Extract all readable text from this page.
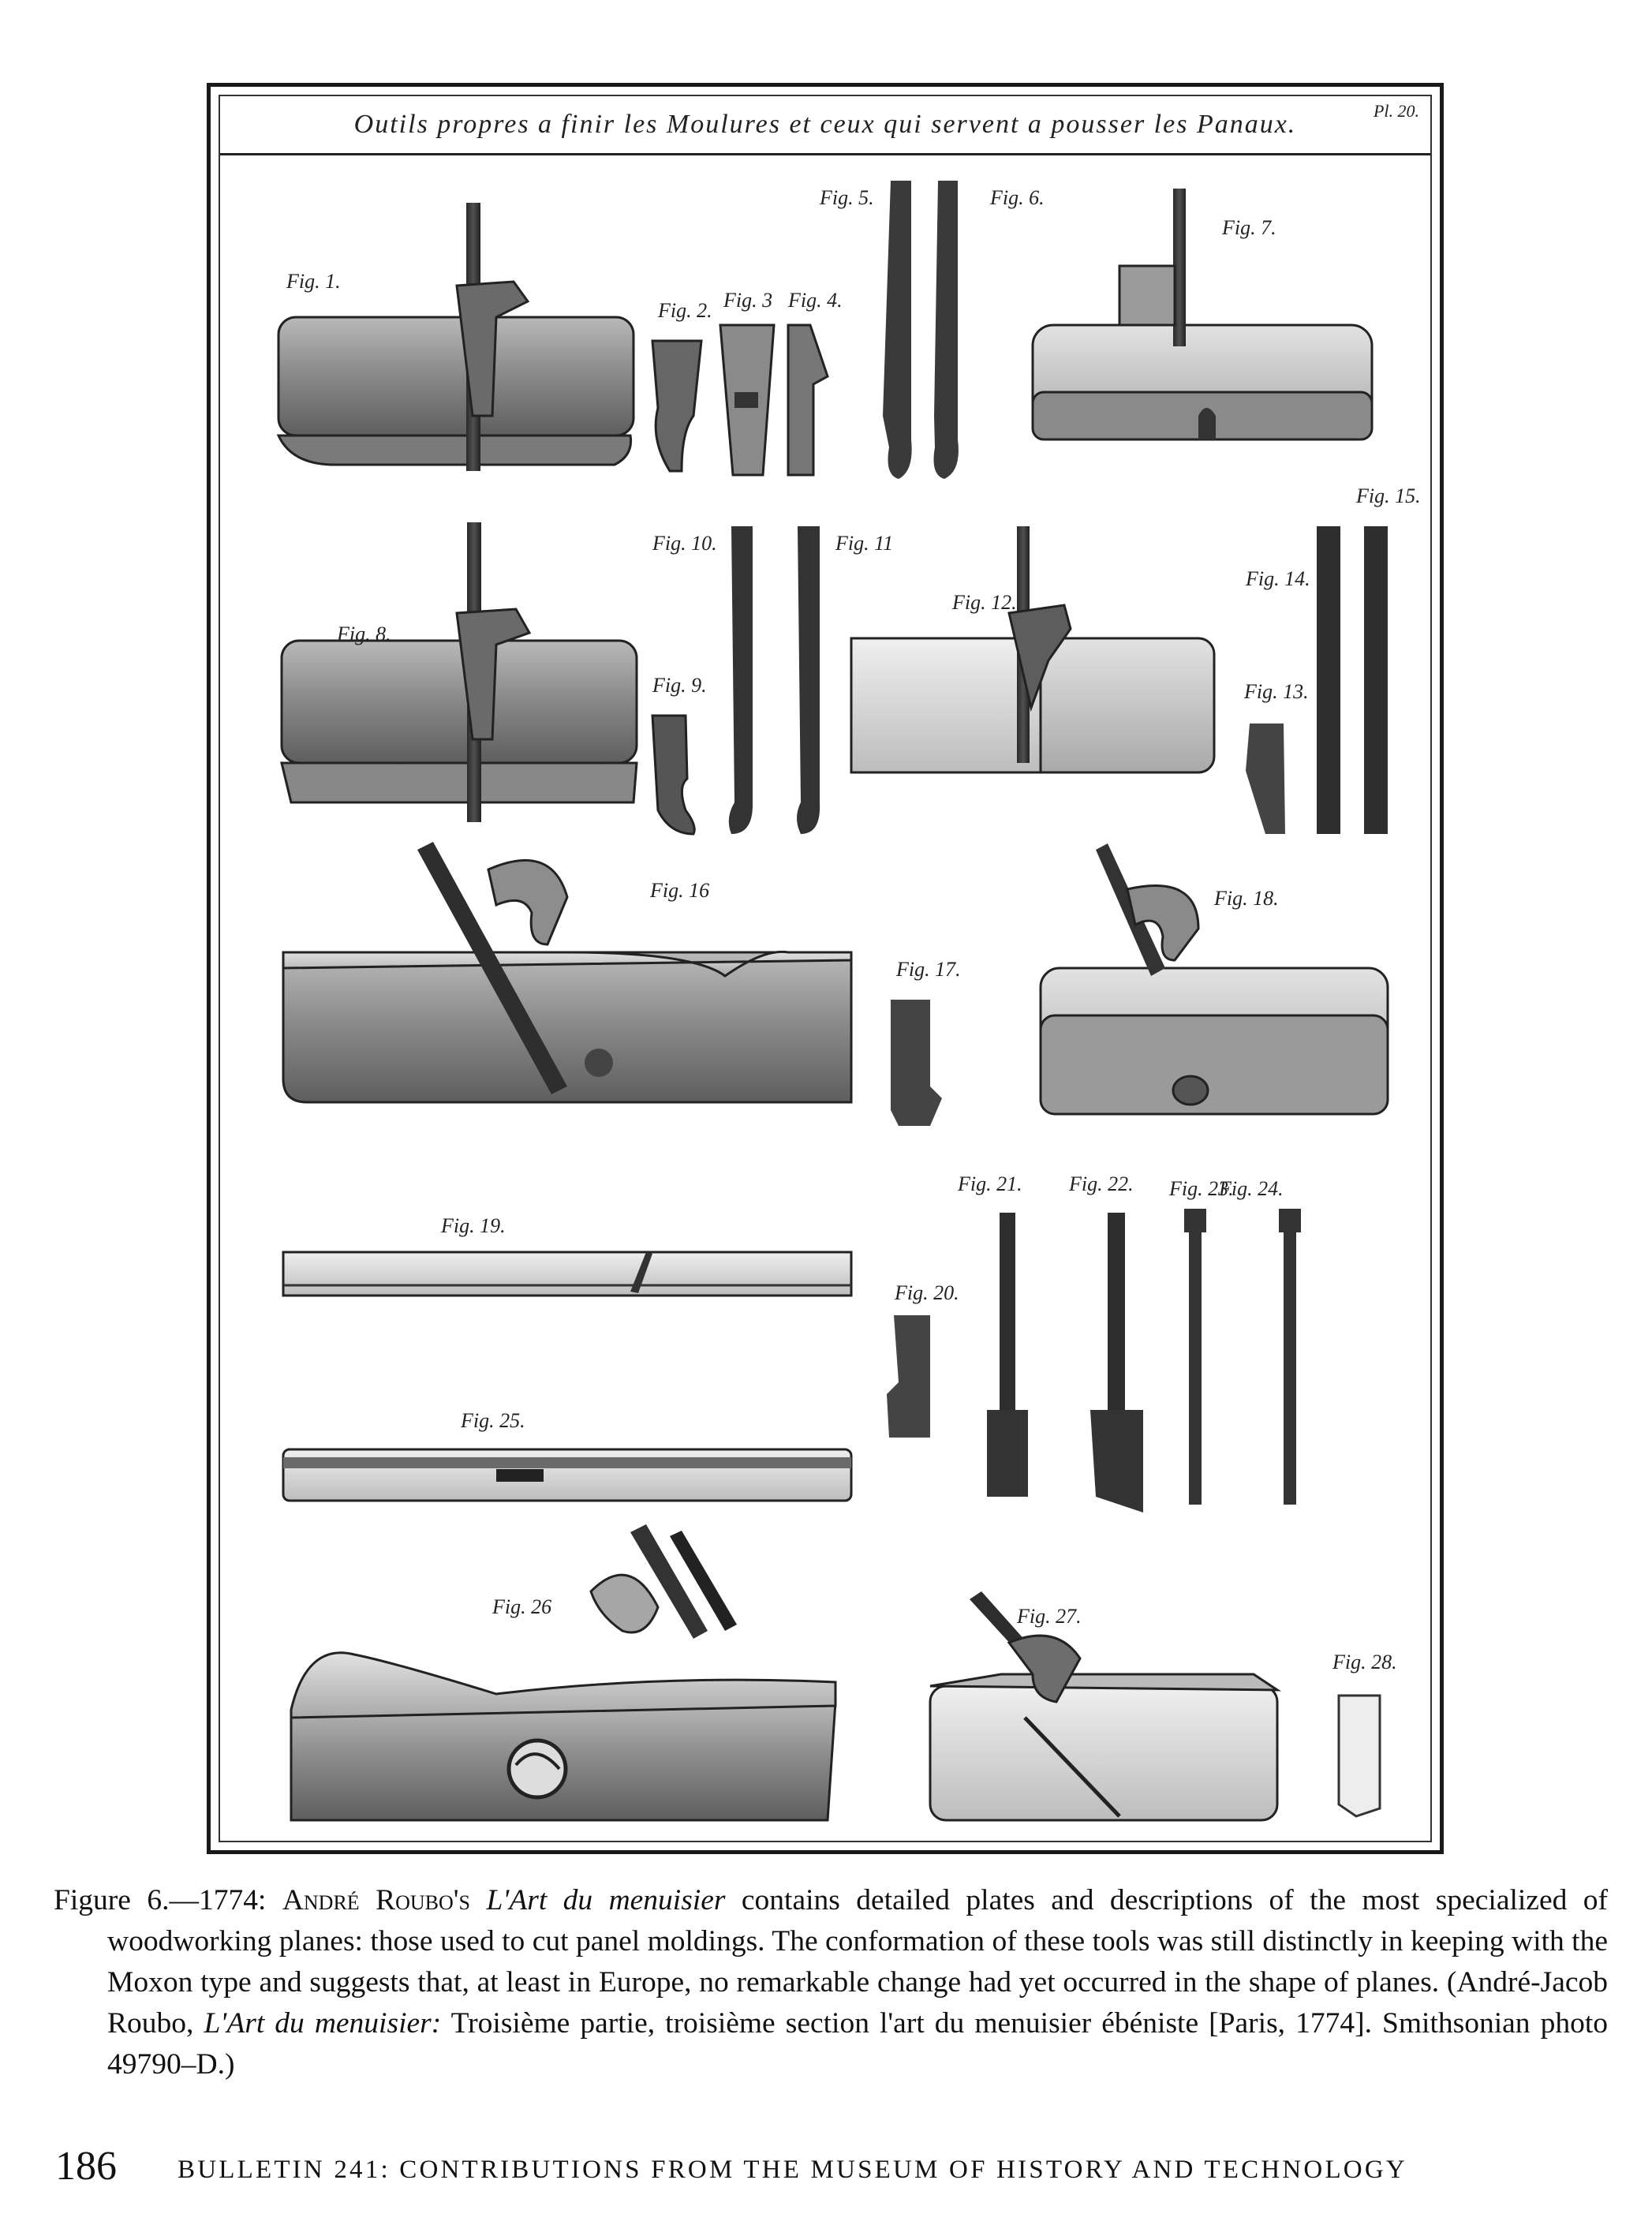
Outils propres a finir les Moulures et ceux qui servent a pousser les Panaux.	Pl. 20.
Fig. 1.
Fig. 2. Fig. 3 Fig. 4.
Fig. 5.	Fig. 6.
Fig. 7.
Fig. 8.
Fig. 9.
Fig. 10.	Fig. 11
Fig. 12.
Fig. 13.
Fig. 14.
Fig. 15.
Fig. 16
Fig. 17.
Fig. 18.
Fig. 19.
Fig. 20.
Fig. 25.
Fig. 21. Fig. 22. Fig. 23.
Fig. 24.
Fig. 26	Fig. 27.
Fig. 28.

Figure 6.—1774: André Roubo's L'Art du menuisier contains detailed plates and descriptions of the most specialized of woodworking planes: those used to cut panel moldings. The conformation of these tools was still distinctly in keeping with the Moxon type and suggests that, at least in Europe, no remarkable change had yet occurred in the shape of planes. (André-Jacob Roubo, L'Art du menuisier: Troisième partie, troisième section l'art du menuisier ébéniste [Paris, 1774]. Smithsonian photo 49790–D.)

186 BULLETIN 241: CONTRIBUTIONS FROM THE MUSEUM OF HISTORY AND TECHNOLOGY
